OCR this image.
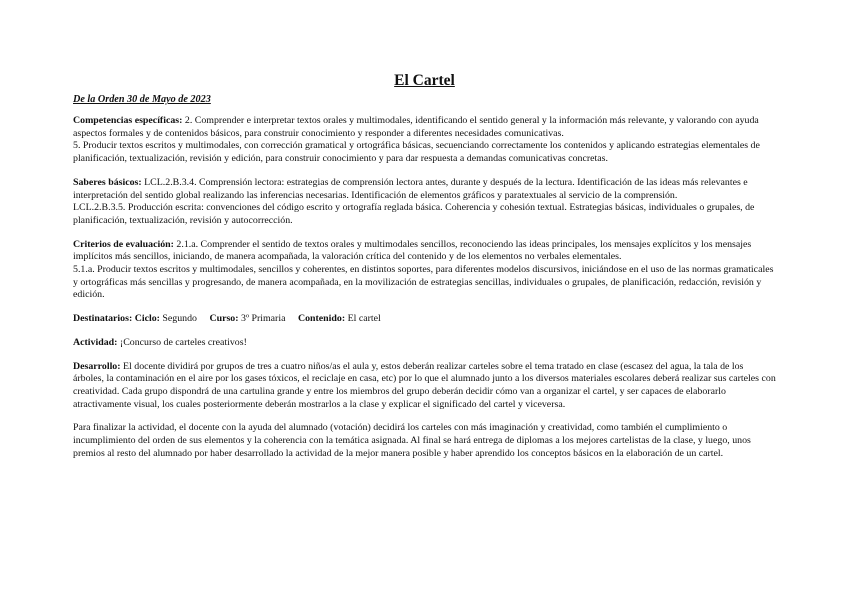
El Cartel
De la Orden 30 de Mayo de 2023

Competencias específicas: 2. Comprender e interpretar textos orales y multimodales, identificando el sentido general y la información más relevante, y valorando con ayuda aspectos formales y de contenidos básicos, para construir conocimiento y responder a diferentes necesidades comunicativas.

5. Producir textos escritos y multimodales, con corrección gramatical y ortográfica básicas, secuenciando correctamente los contenidos y aplicando estrategias elementales de planificación, textualización, revisión y edición, para construir conocimiento y para dar respuesta a demandas comunicativas concretas.

Saberes básicos: LCL.2.B.3.4. Comprensión lectora: estrategias de comprensión lectora antes, durante y después de la lectura. Identificación de las ideas más relevantes e interpretación del sentido global realizando las inferencias necesarias. Identificación de elementos gráficos y paratextuales al servicio de la comprensión.

LCL.2.B.3.5. Producción escrita: convenciones del código escrito y ortografía reglada básica. Coherencia y cohesión textual. Estrategias básicas, individuales o grupales, de planificación, textualización, revisión y autocorrección.

Criterios de evaluación: 2.1.a. Comprender el sentido de textos orales y multimodales sencillos, reconociendo las ideas principales, los mensajes explícitos y los mensajes implícitos más sencillos, iniciando, de manera acompañada, la valoración crítica del contenido y de los elementos no verbales elementales.

5.1.a. Producir textos escritos y multimodales, sencillos y coherentes, en distintos soportes, para diferentes modelos discursivos, iniciándose en el uso de las normas gramaticales y ortográficas más sencillas y progresando, de manera acompañada, en la movilización de estrategias sencillas, individuales o grupales, de planificación, redacción, revisión y edición.

Destinatarios: Ciclo: Segundo Curso: 3º Primaria Contenido: El cartel
Actividad: ¡Concurso de carteles creativos!

Desarrollo: El docente dividirá por grupos de tres a cuatro niños/as el aula y, estos deberán realizar carteles sobre el tema tratado en clase (escasez del agua, la tala de los árboles, la contaminación en el aire por los gases tóxicos, el reciclaje en casa, etc) por lo que el alumnado junto a los diversos materiales escolares deberá realizar sus carteles con creatividad. Cada grupo dispondrá de una cartulina grande y entre los miembros del grupo deberán decidir cómo van a organizar el cartel, y ser capaces de elaborarlo atractivamente visual, los cuales posteriormente deberán mostrarlos a la clase y explicar el significado del cartel y viceversa.

Para finalizar la actividad, el docente con la ayuda del alumnado (votación) decidirá los carteles con más imaginación y creatividad, como también el cumplimiento o incumplimiento del orden de sus elementos y la coherencia con la temática asignada. Al final se hará entrega de diplomas a los mejores cartelistas de la clase, y luego, unos premios al resto del alumnado por haber desarrollado la actividad de la mejor manera posible y haber aprendido los conceptos básicos en la elaboración de un cartel.
